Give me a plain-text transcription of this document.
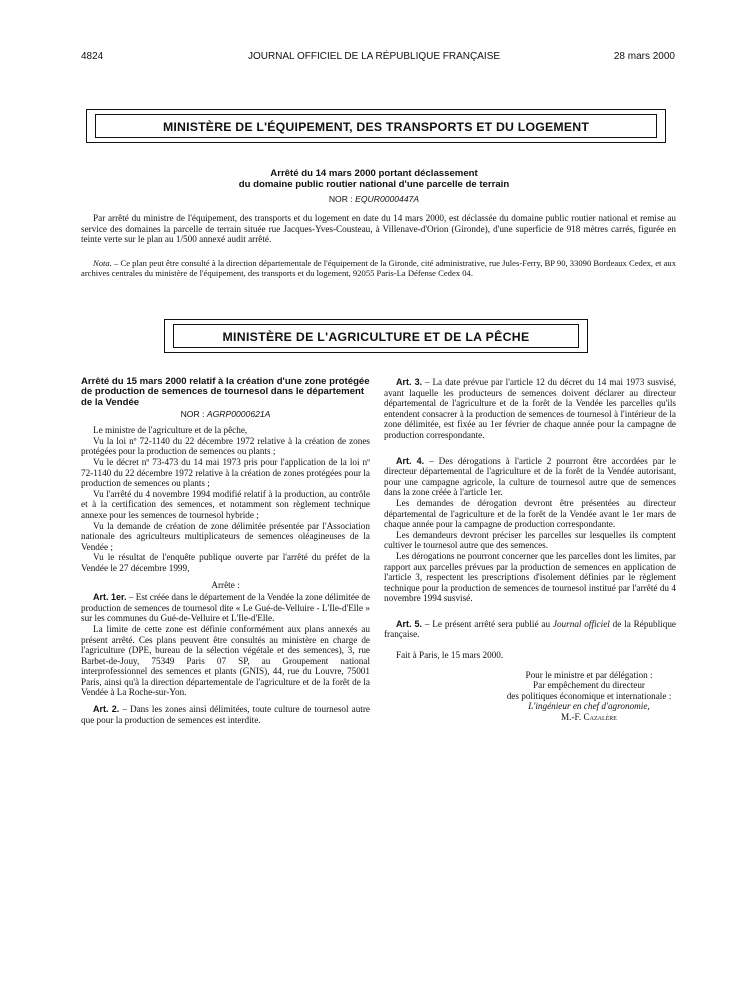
4824	JOURNAL OFFICIEL DE LA RÉPUBLIQUE FRANÇAISE	28 mars 2000
MINISTÈRE DE L'ÉQUIPEMENT, DES TRANSPORTS ET DU LOGEMENT
Arrêté du 14 mars 2000 portant déclassement
du domaine public routier national d'une parcelle de terrain
NOR : EQUR0000447A

Par arrêté du ministre de l'équipement, des transports et du logement en date du 14 mars 2000, est déclassée du domaine public routier national et remise au service des domaines la parcelle de terrain située rue Jacques-Yves-Cousteau, à Villenave-d'Orion (Gironde), d'une superficie de 918 mètres carrés, figurée en teinte verte sur le plan au 1/500 annexé audit arrêté.

Nota. – Ce plan peut être consulté à la direction départementale de l'équipement de la Gironde, cité administrative, rue Jules-Ferry, BP 90, 33090 Bordeaux Cedex, et aux archives centrales du ministère de l'équipement, des transports et du logement, 92055 Paris-La Défense Cedex 04.

MINISTÈRE DE L'AGRICULTURE ET DE LA PÊCHE

Arrêté du 15 mars 2000 relatif à la création d'une zone protégée de production de semences de tournesol dans le département de la Vendée

NOR : AGRP0000621A

Le ministre de l'agriculture et de la pêche,

Vu la loi nº 72-1140 du 22 décembre 1972 relative à la création de zones protégées pour la production de semences ou plants ;

Vu le décret nº 73-473 du 14 mai 1973 pris pour l'application de la loi nº 72-1140 du 22 décembre 1972 relative à la création de zones protégées pour la production de semences ou plants ;

Vu l'arrêté du 4 novembre 1994 modifié relatif à la production, au contrôle et à la certification des semences, et notamment son règlement technique annexe pour les semences de tournesol hybride ;

Vu la demande de création de zone délimitée présentée par l'Association nationale des agriculteurs multiplicateurs de semences oléagineuses de la Vendée ;

Vu le résultat de l'enquête publique ouverte par l'arrêté du préfet de la Vendée le 27 décembre 1999,

Arrête :

Art. 1er. – Est créée dans le département de la Vendée la zone délimitée de production de semences de tournesol dite « Le Gué-de-Velluire - L'Ile-d'Elle » sur les communes du Gué-de-Velluire et L'Ile-d'Elle.

La limite de cette zone est définie conformément aux plans annexés au présent arrêté. Ces plans peuvent être consultés au ministère en charge de l'agriculture (DPE, bureau de la sélection végétale et des semences), 3, rue Barbet-de-Jouy, 75349 Paris 07 SP, au Groupement national interprofessionnel des semences et plants (GNIS), 44, rue du Louvre, 75001 Paris, ainsi qu'à la direction départementale de l'agriculture et de la forêt de la Vendée à La Roche-sur-Yon.

Art. 2. – Dans les zones ainsi délimitées, toute culture de tournesol autre que pour la production de semences est interdite.

Art. 3. – La date prévue par l'article 12 du décret du 14 mai 1973 susvisé, avant laquelle les producteurs de semences doivent déclarer au directeur départemental de l'agriculture et de la forêt de la Vendée les parcelles qu'ils entendent consacrer à la production de semences de tournesol à l'intérieur de la zone délimitée, est fixée au 1er février de chaque année pour la campagne de production correspondante.

Art. 4. – Des dérogations à l'article 2 pourront être accordées par le directeur départemental de l'agriculture et de la forêt de la Vendée autorisant, pour une campagne agricole, la culture de tournesol autre que de semences dans la zone créée à l'article 1er.

Les demandes de dérogation devront être présentées au directeur départemental de l'agriculture et de la forêt de la Vendée avant le 1er mars de chaque année pour la campagne de production correspondante.

Les demandeurs devront préciser les parcelles sur lesquelles ils comptent cultiver le tournesol autre que des semences.

Les dérogations ne pourront concerner que les parcelles dont les limites, par rapport aux parcelles prévues par la production de semences en application de l'article 3, respectent les prescriptions d'isolement définies par le règlement technique pour la production de semences de tournesol institué par l'arrêté du 4 novembre 1994 susvisé.

Art. 5. – Le présent arrêté sera publié au Journal officiel de la République française.

Fait à Paris, le 15 mars 2000.

Pour le ministre et par délégation :
Par empêchement du directeur
des politiques économique et internationale :
L'ingénieur en chef d'agronomie,
M.-F. Cazalère
